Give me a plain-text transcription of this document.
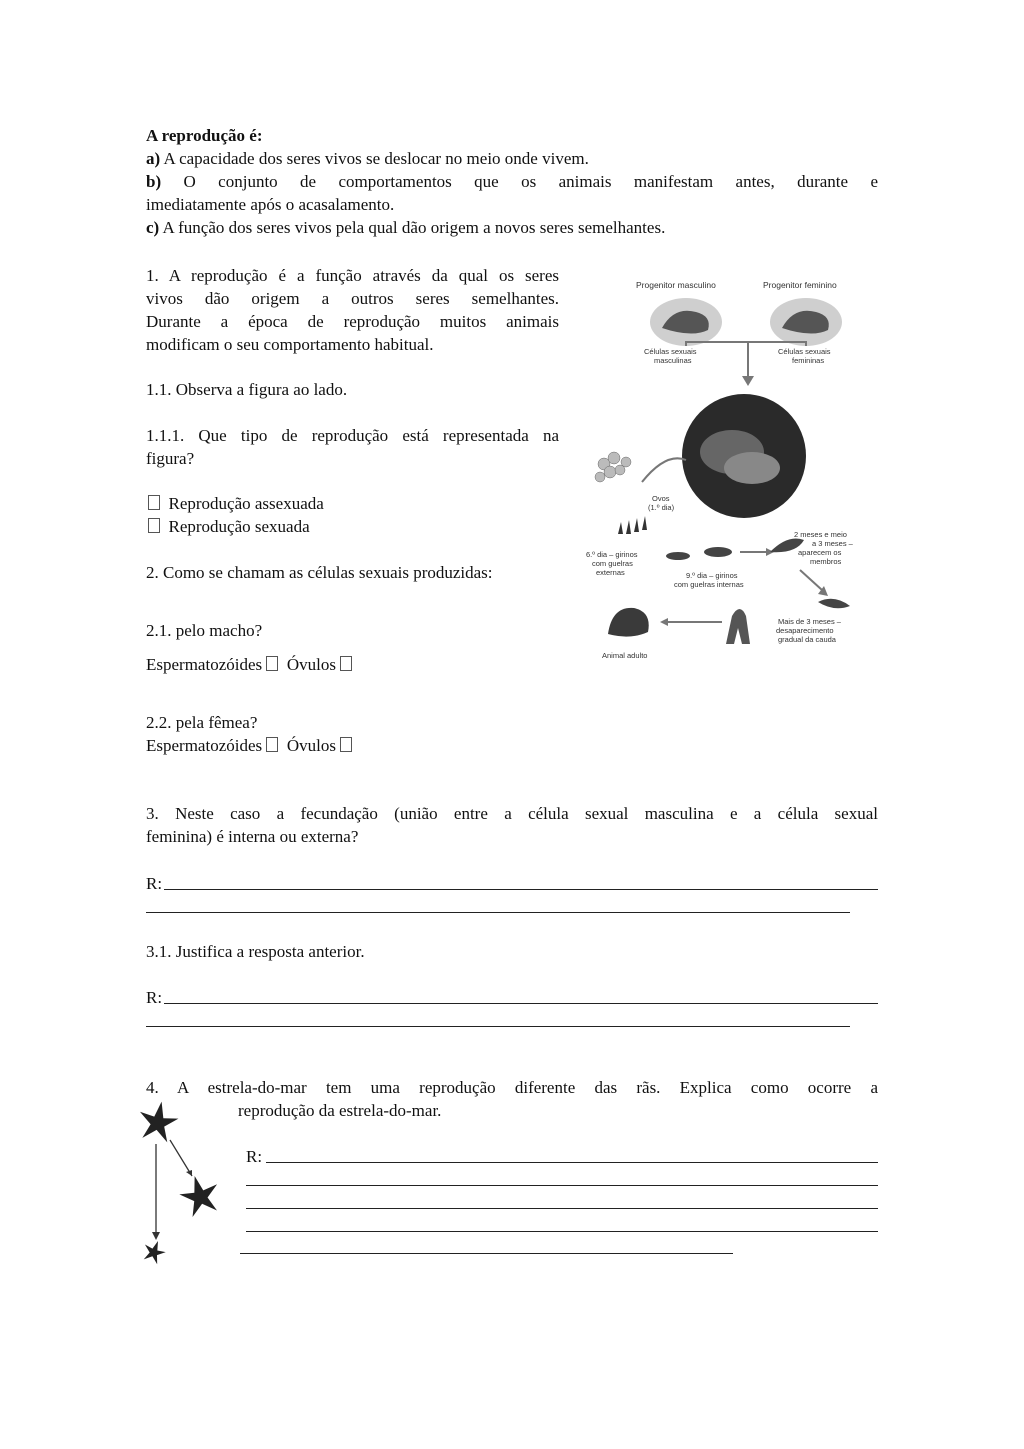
A reprodução é:
a) A capacidade dos seres vivos se deslocar no meio onde vivem.
b) O conjunto de comportamentos que os animais manifestam antes, durante e
imediatamente após o acasalamento.
c) A função dos seres vivos pela qual dão origem a novos seres semelhantes.
1. A reprodução é a função através da qual os seres
vivos dão origem a outros seres semelhantes.
Durante a época de reprodução muitos animais
modificam o seu comportamento habitual.
1.1. Observa a figura ao lado.
1.1.1. Que tipo de reprodução está representada na
figura?
Reprodução assexuada
Reprodução sexuada
2. Como se chamam as células sexuais produzidas:
2.1. pelo macho?
Espermatozóides Óvulos
2.2. pela fêmea?
Espermatozóides Óvulos
3. Neste caso a fecundação (união entre a célula sexual masculina e a célula sexual
feminina) é interna ou externa?
R:
3.1. Justifica a resposta anterior.
R:
4. A estrela-do-mar tem uma reprodução diferente das rãs. Explica como ocorre a
reprodução da estrela-do-mar.
R:
Progenitor masculino	Progenitor feminino
Células sexuais
masculinas
Células sexuais
femininas
Ovos
(1.º dia)
6.º dia – girinos
com guelras
externas	9.º dia – girinos
com guelras internas
2 meses e meio
a 3 meses –
aparecem os
membros
Mais de 3 meses –
desaparecimento
gradual da cauda
Animal adulto
